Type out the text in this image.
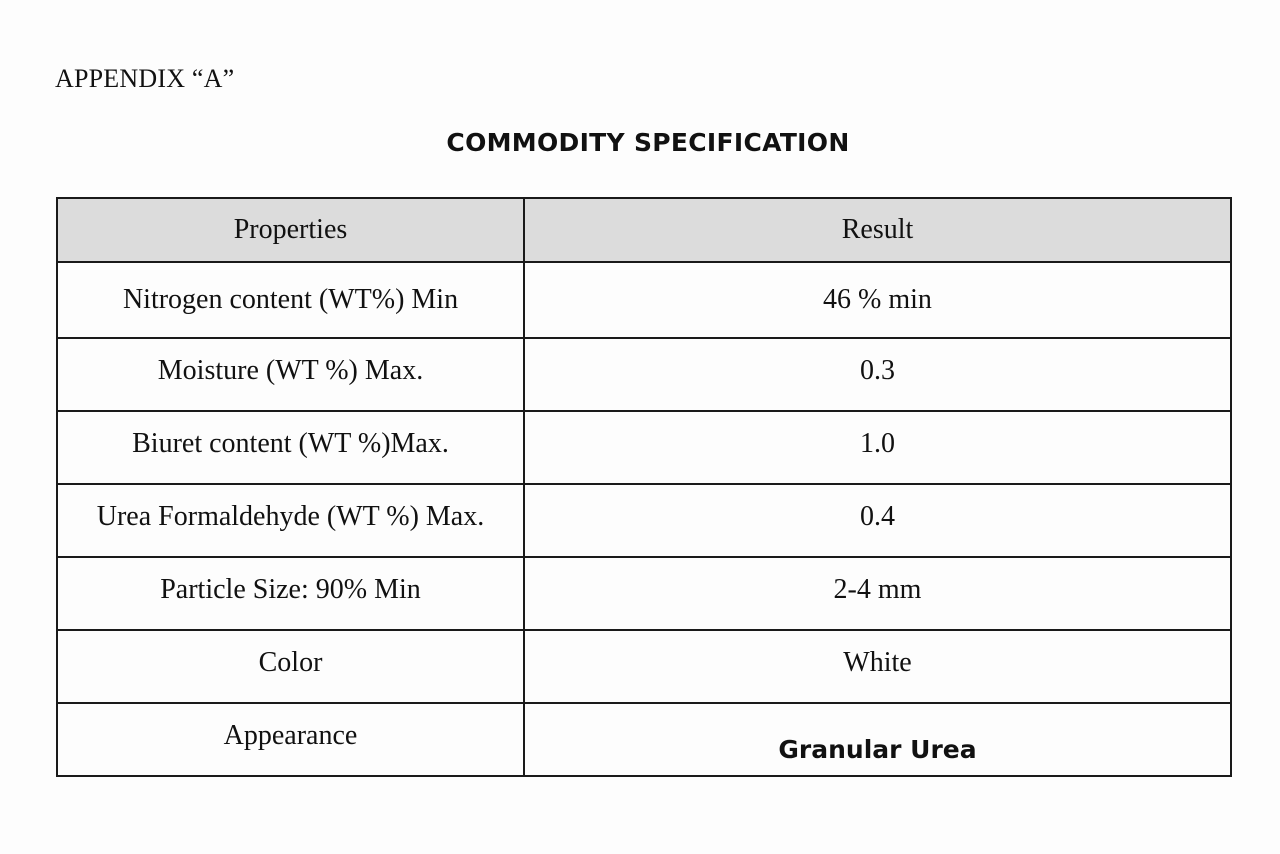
APPENDIX “A”
COMMODITY SPECIFICATION
Properties	Result
Nitrogen content (WT%) Min	46 % min
Moisture (WT %) Max.	0.3
Biuret content (WT %)Max.	1.0
Urea Formaldehyde (WT %) Max.	0.4
Particle Size: 90% Min	2-4 mm
Color	White
Appearance	Granular Urea
